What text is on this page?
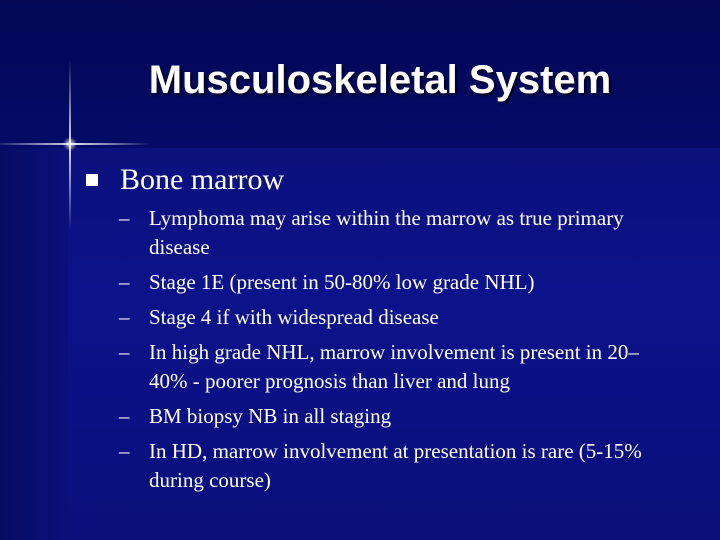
Musculoskeletal System
Bone marrow
– Lymphoma may arise within the marrow as true primary disease
– Stage 1E (present in 50-80% low grade NHL)
– Stage 4 if with widespread disease
– In high grade NHL, marrow involvement is present in 20–40% - poorer prognosis than liver and lung
– BM biopsy NB in all staging
– In HD, marrow involvement at presentation is rare (5-15% during course)
